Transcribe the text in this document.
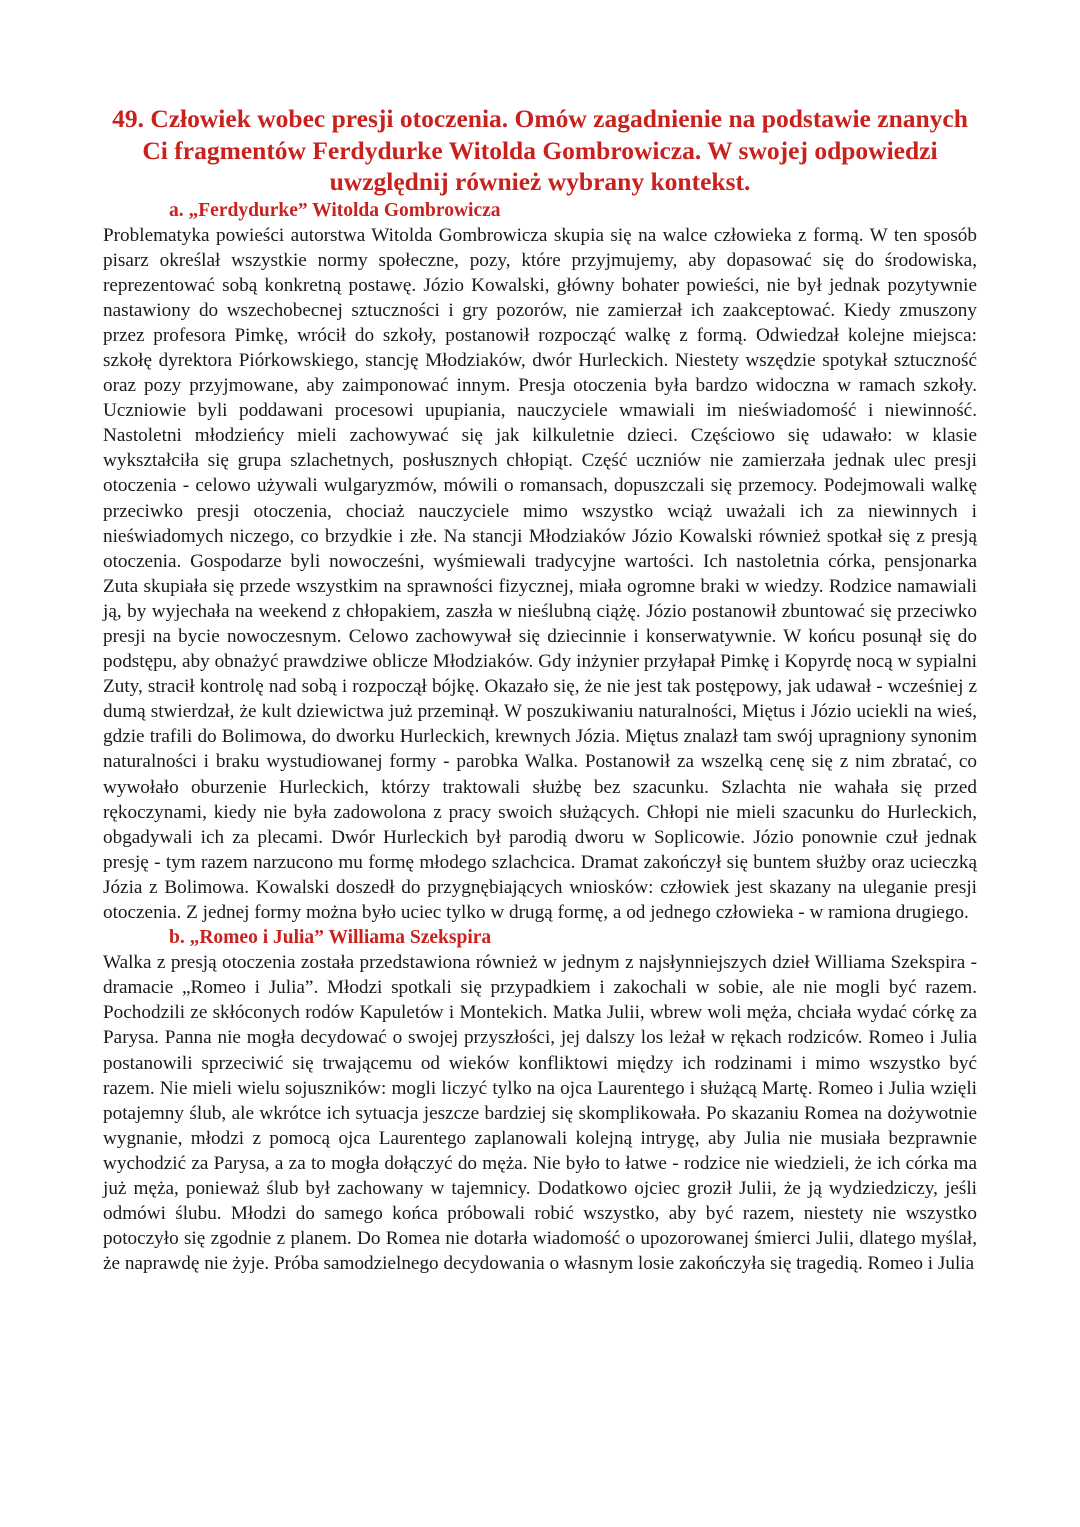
49. Człowiek wobec presji otoczenia. Omów zagadnienie na podstawie znanych Ci fragmentów Ferdydurke Witolda Gombrowicza. W swojej odpowiedzi uwzględnij również wybrany kontekst.
a. „Ferdydurke” Witolda Gombrowicza

Problematyka powieści autorstwa Witolda Gombrowicza skupia się na walce człowieka z formą. W ten sposób pisarz określał wszystkie normy społeczne, pozy, które przyjmujemy, aby dopasować się do środowiska, reprezentować sobą konkretną postawę. Józio Kowalski, główny bohater powieści, nie był jednak pozytywnie nastawiony do wszechobecnej sztuczności i gry pozorów, nie zamierzał ich zaakceptować. Kiedy zmuszony przez profesora Pimkę, wrócił do szkoły, postanowił rozpocząć walkę z formą. Odwiedzał kolejne miejsca: szkołę dyrektora Piórkowskiego, stancję Młodziaków, dwór Hurleckich. Niestety wszędzie spotykał sztuczność oraz pozy przyjmowane, aby zaimponować innym. Presja otoczenia była bardzo widoczna w ramach szkoły. Uczniowie byli poddawani procesowi upupiania, nauczyciele wmawiali im nieświadomość i niewinność. Nastoletni młodzieńcy mieli zachowywać się jak kilkuletnie dzieci. Częściowo się udawało: w klasie wykształciła się grupa szlachetnych, posłusznych chłopiąt. Część uczniów nie zamierzała jednak ulec presji otoczenia - celowo używali wulgaryzmów, mówili o romansach, dopuszczali się przemocy. Podejmowali walkę przeciwko presji otoczenia, chociaż nauczyciele mimo wszystko wciąż uważali ich za niewinnych i nieświadomych niczego, co brzydkie i złe. Na stancji Młodziaków Józio Kowalski również spotkał się z presją otoczenia. Gospodarze byli nowocześni, wyśmiewali tradycyjne wartości. Ich nastoletnia córka, pensjonarka Zuta skupiała się przede wszystkim na sprawności fizycznej, miała ogromne braki w wiedzy. Rodzice namawiali ją, by wyjechała na weekend z chłopakiem, zaszła w nieślubną ciążę. Józio postanowił zbuntować się przeciwko presji na bycie nowoczesnym. Celowo zachowywał się dziecinnie i konserwatywnie. W końcu posunął się do podstępu, aby obnażyć prawdziwe oblicze Młodziaków. Gdy inżynier przyłapał Pimkę i Kopyrdę nocą w sypialni Zuty, stracił kontrolę nad sobą i rozpoczął bójkę. Okazało się, że nie jest tak postępowy, jak udawał - wcześniej z dumą stwierdzał, że kult dziewictwa już przeminął. W poszukiwaniu naturalności, Miętus i Józio uciekli na wieś, gdzie trafili do Bolimowa, do dworku Hurleckich, krewnych Józia. Miętus znalazł tam swój upragniony synonim naturalności i braku wystudiowanej formy - parobka Walka. Postanowił za wszelką cenę się z nim zbratać, co wywołało oburzenie Hurleckich, którzy traktowali służbę bez szacunku. Szlachta nie wahała się przed rękoczynami, kiedy nie była zadowolona z pracy swoich służących. Chłopi nie mieli szacunku do Hurleckich, obgadywali ich za plecami. Dwór Hurleckich był parodią dworu w Soplicowie. Józio ponownie czuł jednak presję - tym razem narzucono mu formę młodego szlachcica. Dramat zakończył się buntem służby oraz ucieczką Józia z Bolimowa. Kowalski doszedł do przygnębiających wniosków: człowiek jest skazany na uleganie presji otoczenia. Z jednej formy można było uciec tylko w drugą formę, a od jednego człowieka - w ramiona drugiego.

b. „Romeo i Julia” Williama Szekspira

Walka z presją otoczenia została przedstawiona również w jednym z najsłynniejszych dzieł Williama Szekspira - dramacie „Romeo i Julia”. Młodzi spotkali się przypadkiem i zakochali w sobie, ale nie mogli być razem. Pochodzili ze skłóconych rodów Kapuletów i Montekich. Matka Julii, wbrew woli męża, chciała wydać córkę za Parysa. Panna nie mogła decydować o swojej przyszłości, jej dalszy los leżał w rękach rodziców. Romeo i Julia postanowili sprzeciwić się trwającemu od wieków konfliktowi między ich rodzinami i mimo wszystko być razem. Nie mieli wielu sojuszników: mogli liczyć tylko na ojca Laurentego i służącą Martę. Romeo i Julia wzięli potajemny ślub, ale wkrótce ich sytuacja jeszcze bardziej się skomplikowała. Po skazaniu Romea na dożywotnie wygnanie, młodzi z pomocą ojca Laurentego zaplanowali kolejną intrygę, aby Julia nie musiała bezprawnie wychodzić za Parysa, a za to mogła dołączyć do męża. Nie było to łatwe - rodzice nie wiedzieli, że ich córka ma już męża, ponieważ ślub był zachowany w tajemnicy. Dodatkowo ojciec groził Julii, że ją wydziedziczy, jeśli odmówi ślubu. Młodzi do samego końca próbowali robić wszystko, aby być razem, niestety nie wszystko potoczyło się zgodnie z planem. Do Romea nie dotarła wiadomość o upozorowanej śmierci Julii, dlatego myślał, że naprawdę nie żyje. Próba samodzielnego decydowania o własnym losie zakończyła się tragedią. Romeo i Julia
